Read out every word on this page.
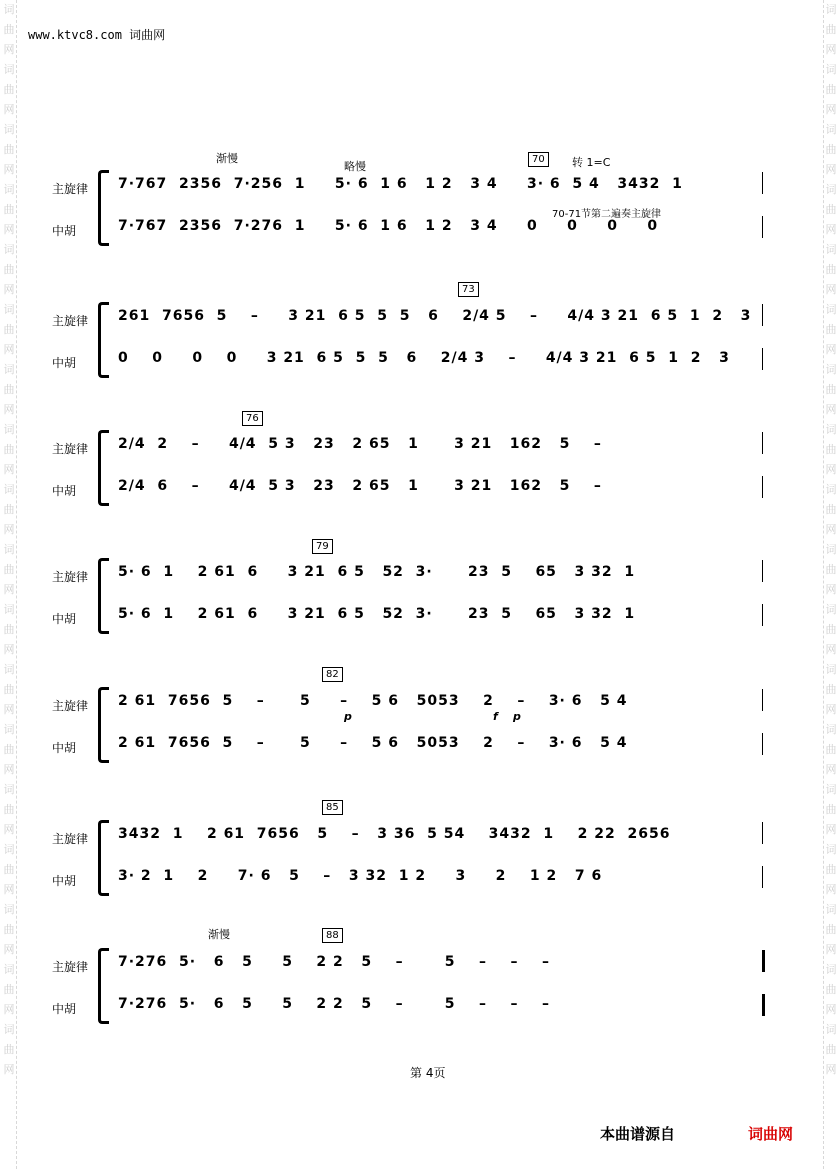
词曲网词曲网词曲网词曲网词曲网词曲网词曲网词曲网词曲网词曲网词曲网词曲网词曲网词曲网词曲网词曲网词曲网词曲网
词曲网词曲网词曲网词曲网词曲网词曲网词曲网词曲网词曲网词曲网词曲网词曲网词曲网词曲网词曲网词曲网词曲网词曲网
www.ktvc8.com 词曲网
渐慢
略慢
70	转 1=C
70-71节第二遍奏主旋律
主旋律
中胡
7·767  2356  7·256  1     5· 6  1 6   1 2   3 4     3· 6  5 4   3432  1
7·767  2356  7·276  1     5· 6  1 6   1 2   3 4     0     0     0     0
主旋律
中胡
261  7656  5    –     3 21  6 5  5  5   6    2/4 5    –     4/4 3 21  6 5  1  2   3
0    0     0    0     3 21  6 5  5  5   6    2/4 3    –     4/4 3 21  6 5  1  2   3
主旋律
中胡
2/4  2    –     4/4  5 3   23   2 65   1      3 21   162   5    –
2/4  6    –     4/4  5 3   23   2 65   1      3 21   162   5    –
主旋律
中胡
5· 6  1    2 61  6     3 21  6 5   52  3·      23  5    65   3 32  1
5· 6  1    2 61  6     3 21  6 5   52  3·      23  5    65   3 32  1
主旋律
中胡
2 61  7656  5    –      5     –    5 6   5053    2    –    3· 6   5 4
2 61  7656  5    –      5     –    5 6   5053    2    –    3· 6   5 4
主旋律
中胡
3432  1    2 61  7656   5    –   3 36  5 54    3432  1    2 22  2656
3· 2  1    2     7· 6   5    –   3 32  1 2     3     2    1 2   7 6
主旋律
中胡
7·276  5·   6   5     5    2 2   5    –       5    –    –    –
7·276  5·   6   5     5    2 2   5    –       5    –    –    –
73
76
79
82
85
88
渐慢
p	f p
第 4页
本曲谱源自	词曲网
